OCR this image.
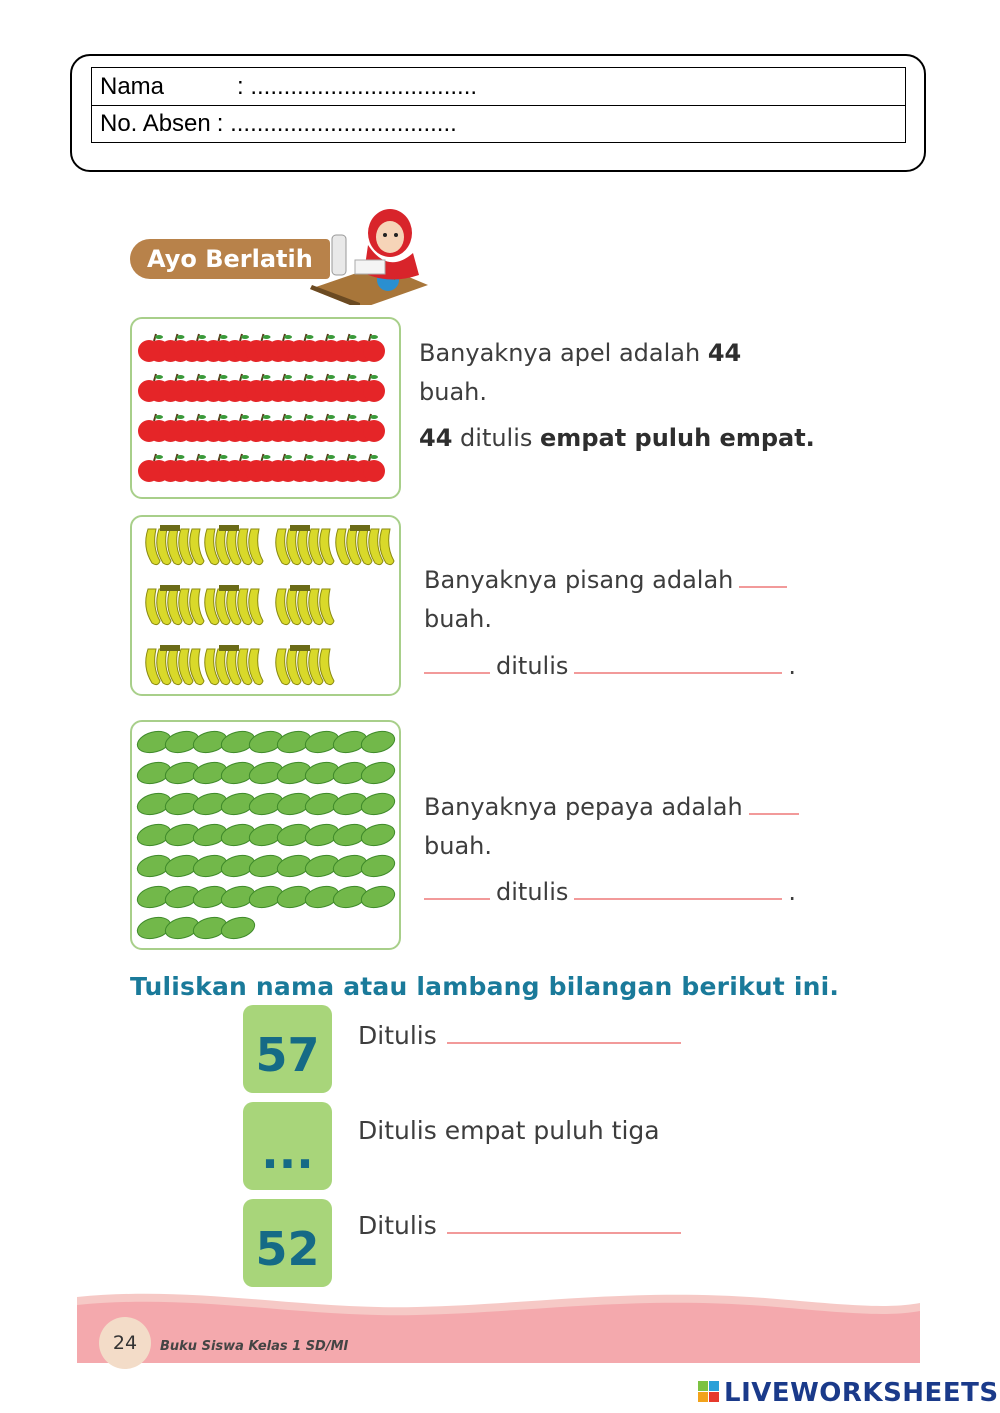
Nama	: ..................................
No. Absen : ..................................
Ayo Berlatih
Banyaknya apel adalah 44
buah.
44 ditulis empat puluh empat.
Banyaknya pisang adalah
buah.
ditulis	.
Banyaknya pepaya adalah
buah.
ditulis	.
Tuliskan nama atau lambang bilangan berikut ini.
57	Ditulis
...	Ditulis empat puluh tiga
52	Ditulis
24	Buku Siswa Kelas 1 SD/MI
LIVEWORKSHEETS
